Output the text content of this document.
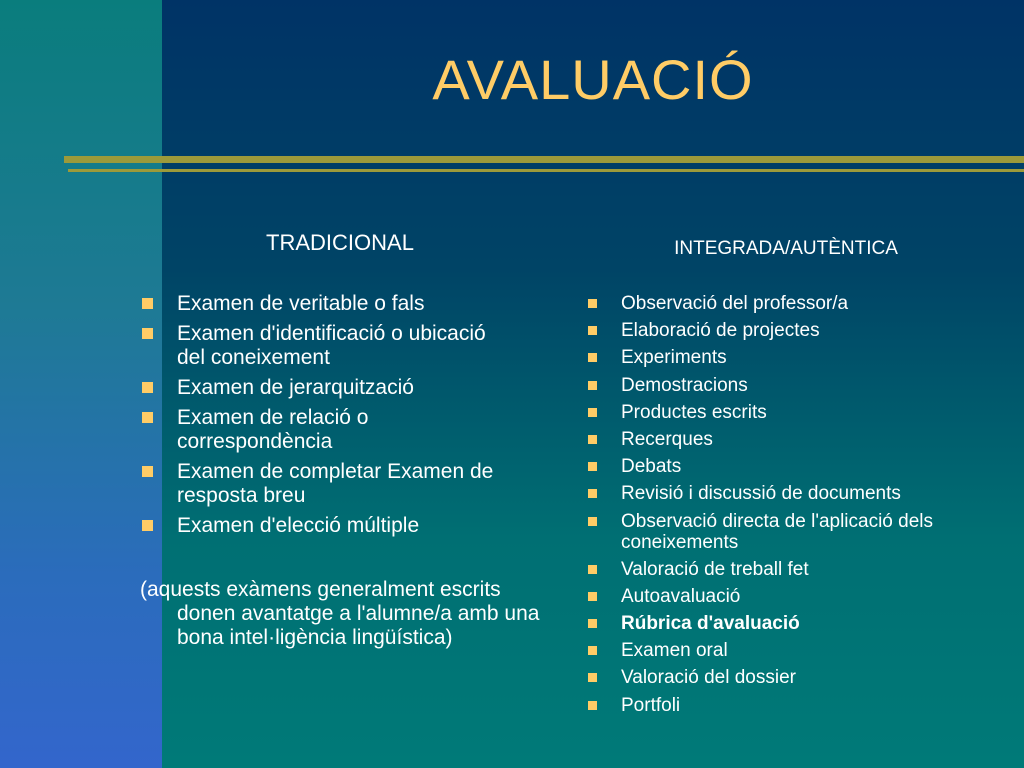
AVALUACIÓ
TRADICIONAL	INTEGRADA/AUTÈNTICA
Examen de veritable o fals
Examen d'identificació o ubicació del coneixement
Examen de jerarquització
Examen de relació o correspondència
Examen de completar Examen de resposta breu
Examen d'elecció múltiple
(aquests exàmens generalment escrits donen avantatge a l'alumne/a amb una bona intel·ligència lingüística)
Observació del professor/a
Elaboració de projectes
Experiments
Demostracions
Productes escrits
Recerques
Debats
Revisió i discussió de documents
Observació directa de l'aplicació dels coneixements
Valoració de treball fet
Autoavaluació
Rúbrica d'avaluació
Examen oral
Valoració del dossier
Portfoli
